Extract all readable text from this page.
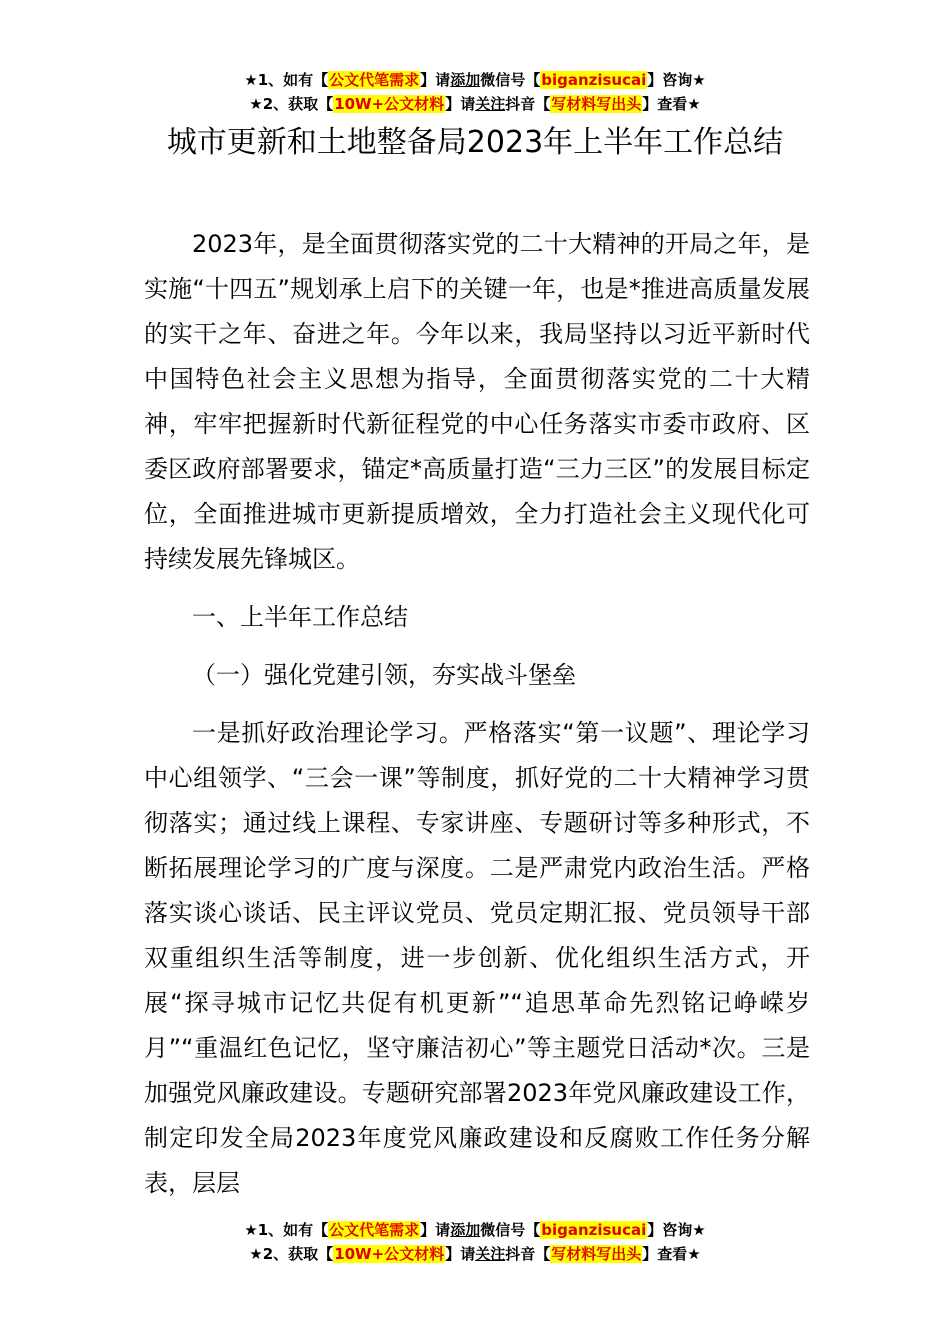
★1、如有【公文代笔需求】请添加微信号【biganzisucai】咨询★
★2、获取【10W+公文材料】请关注抖音【写材料写出头】查看★
城市更新和土地整备局2023年上半年工作总结

2023年，是全面贯彻落实党的二十大精神的开局之年，是实施“十四五”规划承上启下的关键一年，也是*推进高质量发展的实干之年、奋进之年。今年以来，我局坚持以习近平新时代中国特色社会主义思想为指导，全面贯彻落实党的二十大精神，牢牢把握新时代新征程党的中心任务落实市委市政府、区委区政府部署要求，锚定*高质量打造“三力三区”的发展目标定位，全面推进城市更新提质增效，全力打造社会主义现代化可持续发展先锋城区。

一、上半年工作总结

（一）强化党建引领，夯实战斗堡垒

一是抓好政治理论学习。严格落实“第一议题”、理论学习中心组领学、“三会一课”等制度，抓好党的二十大精神学习贯彻落实；通过线上课程、专家讲座、专题研讨等多种形式，不断拓展理论学习的广度与深度。二是严肃党内政治生活。严格落实谈心谈话、民主评议党员、党员定期汇报、党员领导干部双重组织生活等制度，进一步创新、优化组织生活方式，开展“探寻城市记忆共促有机更新”“追思革命先烈铭记峥嵘岁月”“重温红色记忆，坚守廉洁初心”等主题党日活动*次。三是加强党风廉政建设。专题研究部署2023年党风廉政建设工作，制定印发全局2023年度党风廉政建设和反腐败工作任务分解表，层层

★1、如有【公文代笔需求】请添加微信号【biganzisucai】咨询★
★2、获取【10W+公文材料】请关注抖音【写材料写出头】查看★
